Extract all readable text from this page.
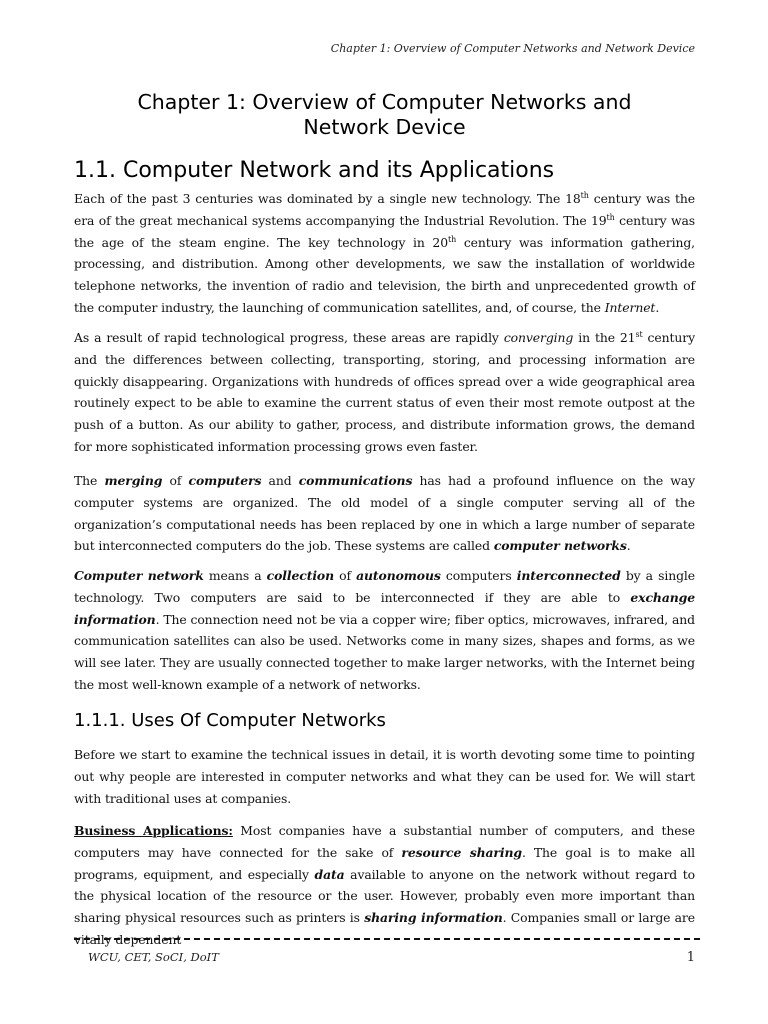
Chapter 1: Overview of Computer Networks and Network Device
Chapter 1: Overview of Computer Networks and
Network Device
1.1. Computer Network and its Applications

Each of the past 3 centuries was dominated by a single new technology. The 18th century was the era of the great mechanical systems accompanying the Industrial Revolution. The 19th century was the age of the steam engine. The key technology in 20th century was information gathering, processing, and distribution. Among other developments, we saw the installation of worldwide telephone networks, the invention of radio and television, the birth and unprecedented growth of the computer industry, the launching of communication satellites, and, of course, the Internet.

As a result of rapid technological progress, these areas are rapidly converging in the 21st century and the differences between collecting, transporting, storing, and processing information are quickly disappearing. Organizations with hundreds of offices spread over a wide geographical area routinely expect to be able to examine the current status of even their most remote outpost at the push of a button. As our ability to gather, process, and distribute information grows, the demand for more sophisticated information processing grows even faster.

The merging of computers and communications has had a profound influence on the way computer systems are organized. The old model of a single computer serving all of the organization’s computational needs has been replaced by one in which a large number of separate but interconnected computers do the job. These systems are called computer networks.

Computer network means a collection of autonomous computers interconnected by a single technology. Two computers are said to be interconnected if they are able to exchange information. The connection need not be via a copper wire; fiber optics, microwaves, infrared, and communication satellites can also be used. Networks come in many sizes, shapes and forms, as we will see later. They are usually connected together to make larger networks, with the Internet being the most well-known example of a network of networks.

1.1.1. Uses Of Computer Networks

Before we start to examine the technical issues in detail, it is worth devoting some time to pointing out why people are interested in computer networks and what they can be used for. We will start with traditional uses at companies.

Business Applications: Most companies have a substantial number of computers, and these computers may have connected for the sake of resource sharing. The goal is to make all programs, equipment, and especially data available to anyone on the network without regard to the physical location of the resource or the user. However, probably even more important than sharing physical resources such as printers is sharing information. Companies small or large are vitally dependent

WCU, CET, SoCI, DoIT	1
